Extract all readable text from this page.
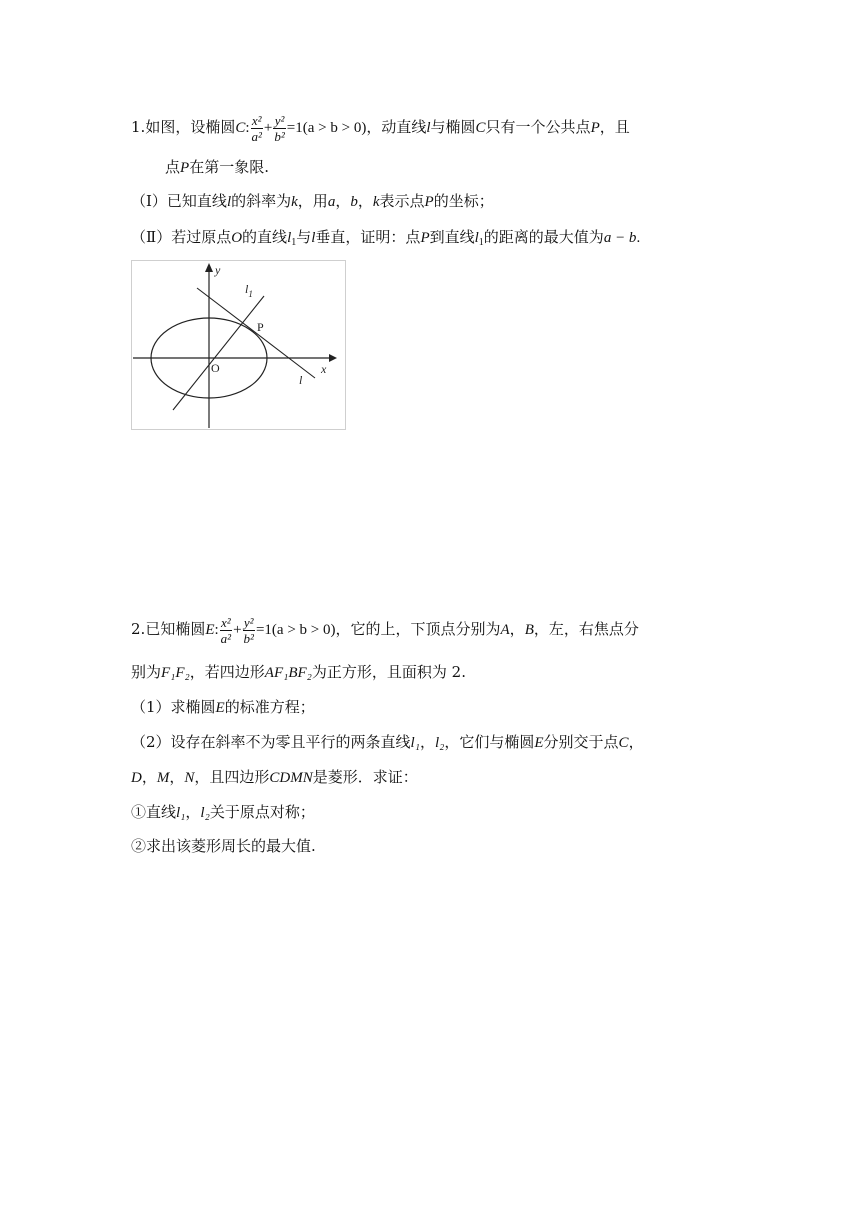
1.如图，设椭圆C: $\frac{\text{x²}}{\text{a²}} + \frac{\text{y²}}{\text{b²}} =1(a > b > 0)$，动直线l与椭圆C只有一个公共点P，且
点P在第一象限.
（Ⅰ）已知直线l的斜率为k，用a，b，k表示点P的坐标；
（Ⅱ）若过原点O的直线$l_1$与l垂直，证明：点P到直线$l_1$的距离的最大值为a − b.
y
x
$l_1$
P
O
l
2.已知椭圆E: $\frac{\text{x²}}{\text{a²}} + \frac{\text{y²}}{\text{b²}} =1(a > b > 0)$，它的上，下顶点分别为A，B，左，右焦点分
别为F₁F₂，若四边形AF₁BF₂为正方形，且面积为 2.
（1）求椭圆E的标准方程；
（2）设存在斜率不为零且平行的两条直线l₁，l₂，它们与椭圆E分别交于点C，
D，M，N，且四边形CDMN是菱形．求证：
①直线l₁，l₂关于原点对称；
②求出该菱形周长的最大值.
